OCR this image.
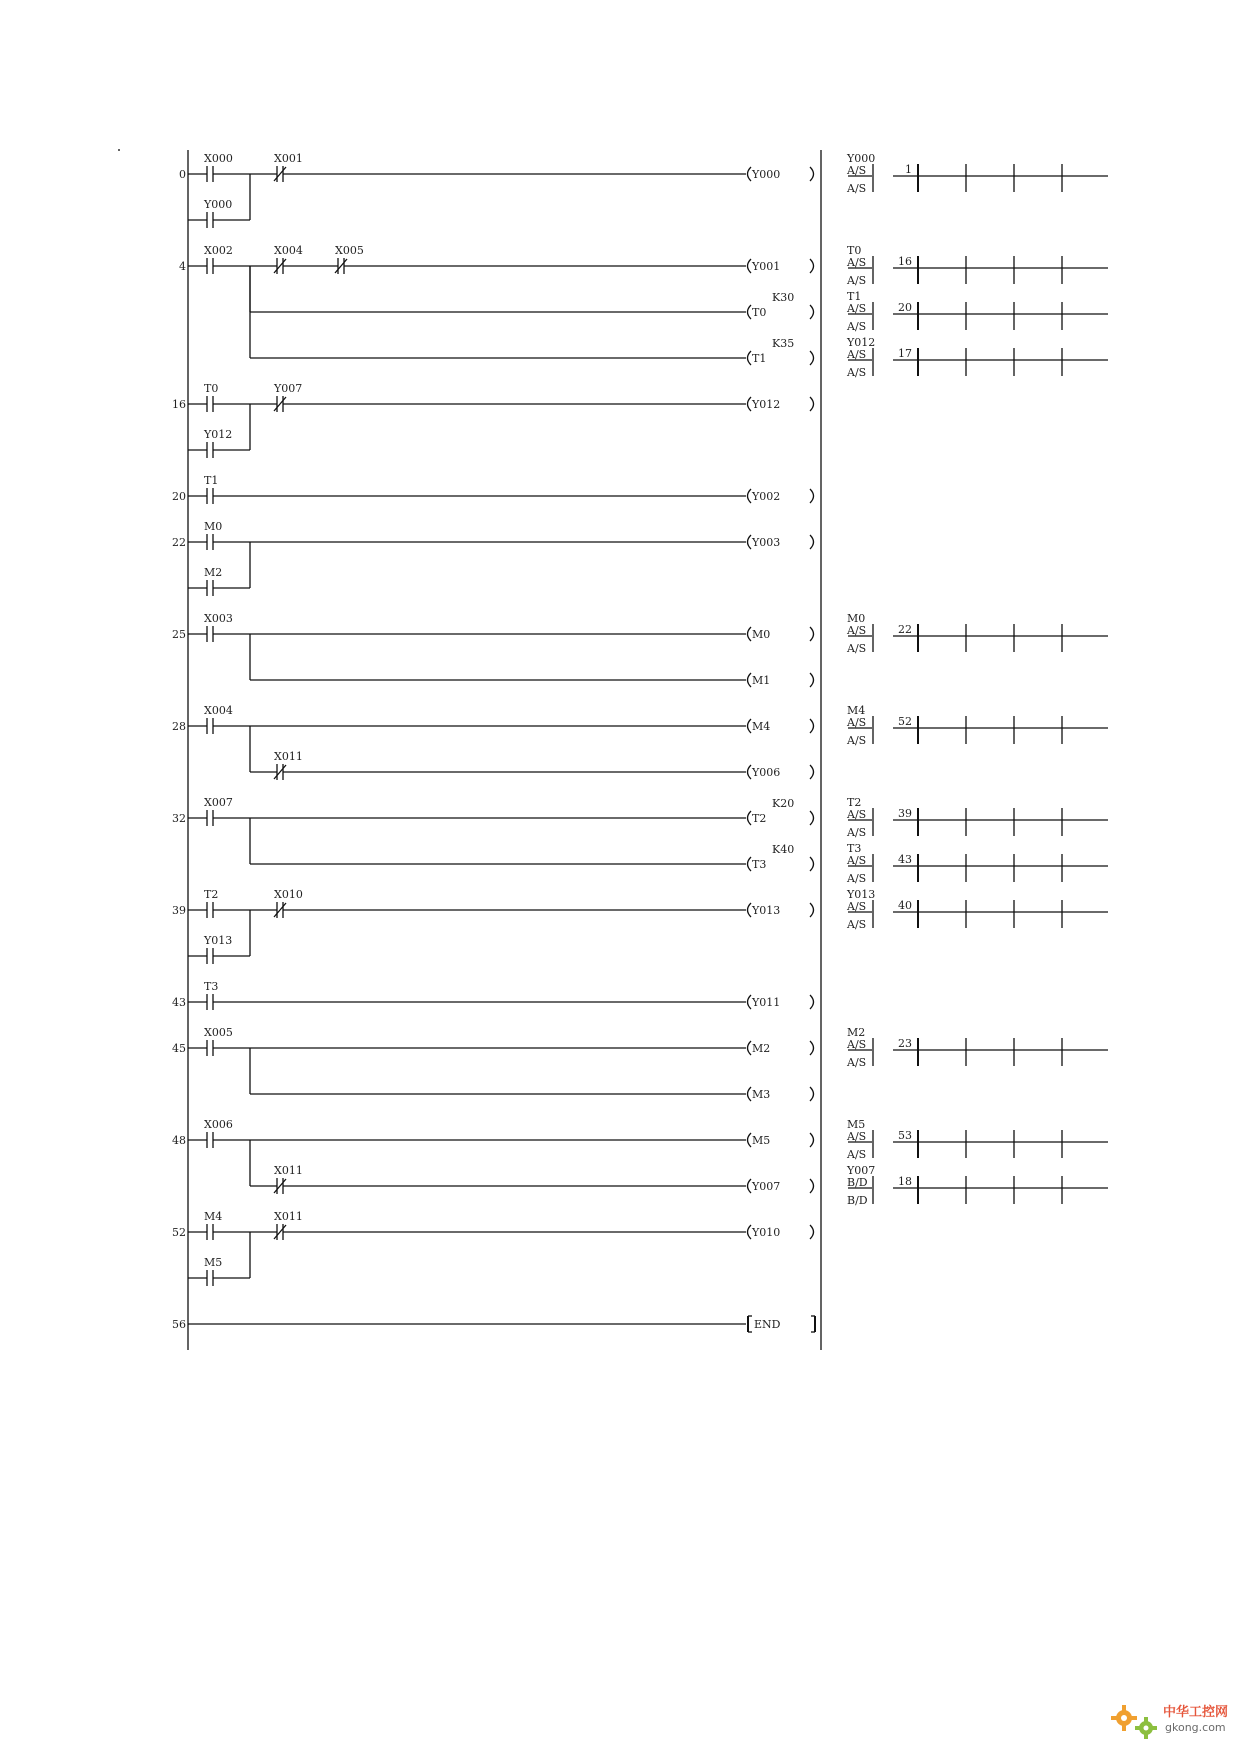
0
X000	X001
Y000
Y000
4
X002	X004	X005
Y001
T0
K30
T1
K35
16
T0	Y007
Y012
Y012
20
T1
Y002
22
M0
Y003
M2
25
X003
M0
M1
28
X004
M4
X011
Y006
32
X007
T2
K20
T3
K40
39
T2	X010
Y013
Y013
43
T3
Y011
45
X005
M2
M3
48
X006
M5
X011
Y007
52
M4	X011
Y010
M5
56	END
Y000
A/S
A/S
1
T0
A/S
A/S
16
T1
A/S
A/S
20
Y012
A/S
A/S
17
M0
A/S
A/S
22
M4
A/S
A/S
52
T2
A/S
A/S
39
T3
A/S
A/S
43
Y013
A/S
A/S
40
M2
A/S
A/S
23
M5
A/S
A/S
53
Y007
B/D
B/D
18
中华工控网
gkong.com
